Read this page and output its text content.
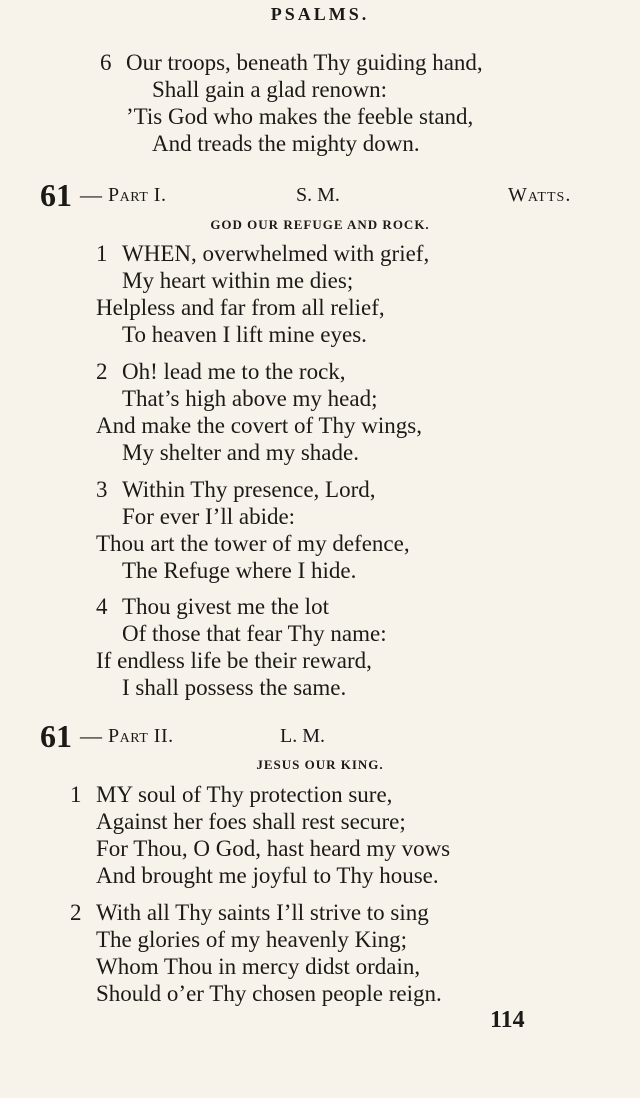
PSALMS.
6 Our troops, beneath Thy guiding hand,
Shall gain a glad renown:
’Tis God who makes the feeble stand,
And treads the mighty down.
61 — Part I.	S. M.	Watts.
GOD OUR REFUGE AND ROCK.
1 WHEN, overwhelmed with grief,
My heart within me dies;
Helpless and far from all relief,
To heaven I lift mine eyes.
2 Oh! lead me to the rock,
That’s high above my head;
And make the covert of Thy wings,
My shelter and my shade.
3 Within Thy presence, Lord,
For ever I’ll abide:
Thou art the tower of my defence,
The Refuge where I hide.
4 Thou givest me the lot
Of those that fear Thy name:
If endless life be their reward,
I shall possess the same.
61 — Part II.	L. M.
JESUS OUR KING.
1 MY soul of Thy protection sure,
Against her foes shall rest secure;
For Thou, O God, hast heard my vows
And brought me joyful to Thy house.
2 With all Thy saints I’ll strive to sing
The glories of my heavenly King;
Whom Thou in mercy didst ordain,
Should o’er Thy chosen people reign.
114
